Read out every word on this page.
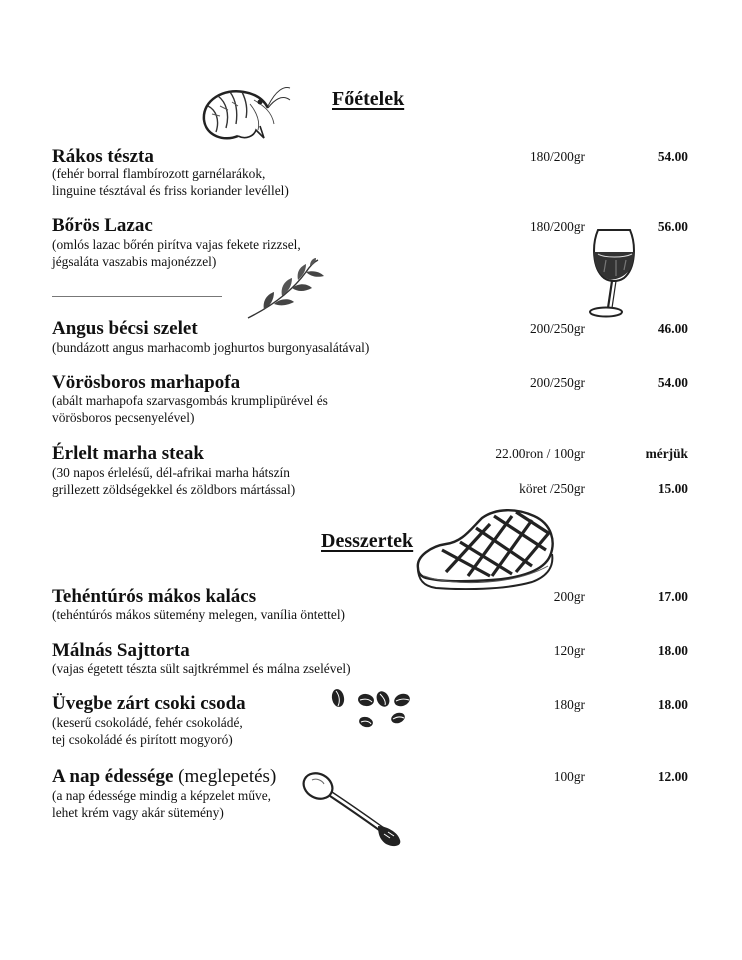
Főételek
Rákos tészta	180/200gr	54.00
(fehér borral flambírozott garnélarákok,
linguine tésztával és friss koriander levéllel)
Bőrös Lazac	180/200gr	56.00
(omlós lazac bőrén pirítva vajas fekete rizzsel,
jégsaláta vaszabis majonézzel)
Angus bécsi szelet	200/250gr	46.00
(bundázott angus marhacomb joghurtos burgonyasalátával)
Vörösboros marhapofa	200/250gr	54.00
(abált marhapofa szarvasgombás krumplipürével és
vörösboros pecsenyelével)
Érlelt marha steak	22.00ron / 100gr	mérjük
(30 napos érlelésű, dél-afrikai marha hátszín
grillezett zöldségekkel és zöldbors mártással)	köret /250gr	15.00
Desszertek
Tehéntúrós mákos kalács	200gr	17.00
(tehéntúrós mákos sütemény melegen, vanília öntettel)
Málnás Sajttorta	120gr	18.00
(vajas égetett tészta sült sajtkrémmel és málna zselével)
Üvegbe zárt csoki csoda	180gr	18.00
(keserű csokoládé, fehér csokoládé,
tej csokoládé és pirított mogyoró)
A nap édessége (meglepetés)	100gr	12.00
(a nap édessége mindig a képzelet műve,
lehet krém vagy akár sütemény)
